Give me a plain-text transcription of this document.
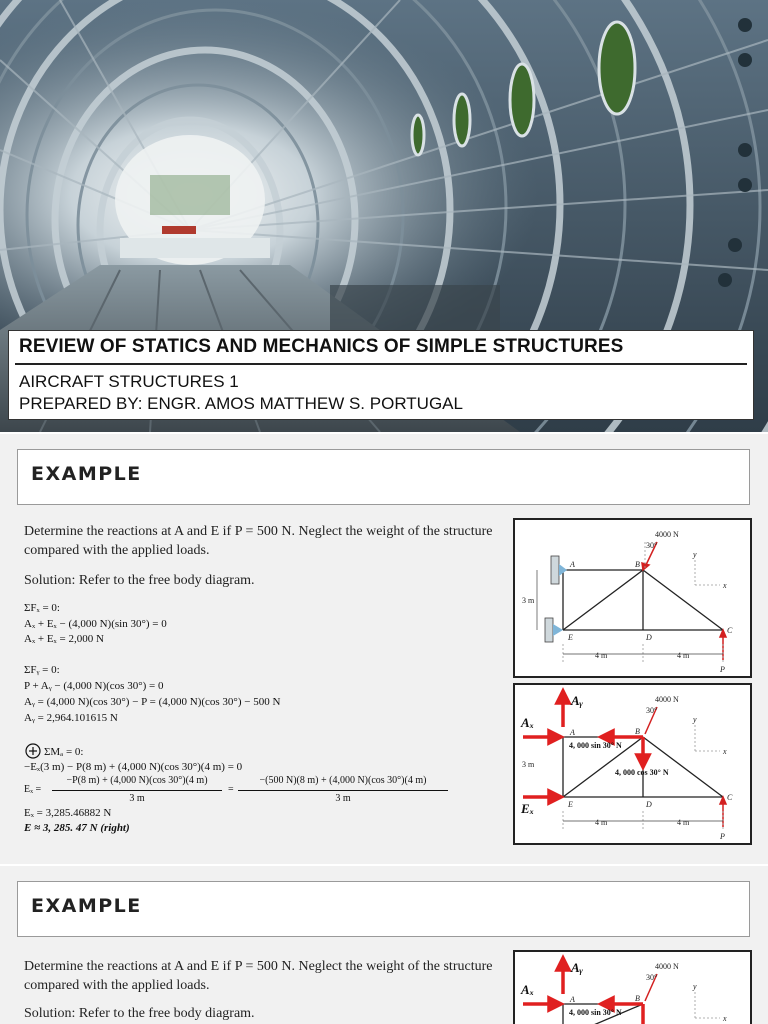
REVIEW OF STATICS AND MECHANICS OF SIMPLE STRUCTURES
AIRCRAFT STRUCTURES 1
PREPARED BY: ENGR. AMOS MATTHEW S. PORTUGAL
EXAMPLE
Determine the reactions at A and E if P = 500 N. Neglect the weight of the structure compared with the applied loads.
Solution: Refer to the free body diagram.
ΣFₓ = 0:
Aₓ + Eₓ − (4,000 N)(sin 30°) = 0
Aₓ + Eₓ = 2,000 N
ΣFᵧ = 0:
P + Aᵧ − (4,000 N)(cos 30°) = 0
Aᵧ = (4,000 N)(cos 30°) − P = (4,000 N)(cos 30°) − 500 N
Aᵧ = 2,964.101615 N
ΣMₐ = 0:
−Eₓ(3 m) − P(8 m) + (4,000 N)(cos 30°)(4 m) = 0
Eₓ =
−P(8 m) + (4,000 N)(cos 30°)(4 m)
3 m
=
−(500 N)(8 m) + (4,000 N)(cos 30°)(4 m)
3 m
Eₓ = 3,285.46882 N
E ≈ 3, 285. 47 N (right)
4000 N
30°
3 m
4 m	4 m
A	B
C
D
E
P
y
x
Aᵧ
Aₓ
Eₓ
4, 000 sin 30° N
4, 000 cos 30° N
4000 N
30°
3 m
4 m	4 m
A	B
C
D
E
P
y
x
EXAMPLE
Determine the reactions at A and E if P = 500 N. Neglect the weight of the structure compared with the applied loads.
Solution: Refer to the free body diagram.
Aᵧ
Aₓ
4, 000 sin 30° N
4000 N
30°
A	B
y
x
